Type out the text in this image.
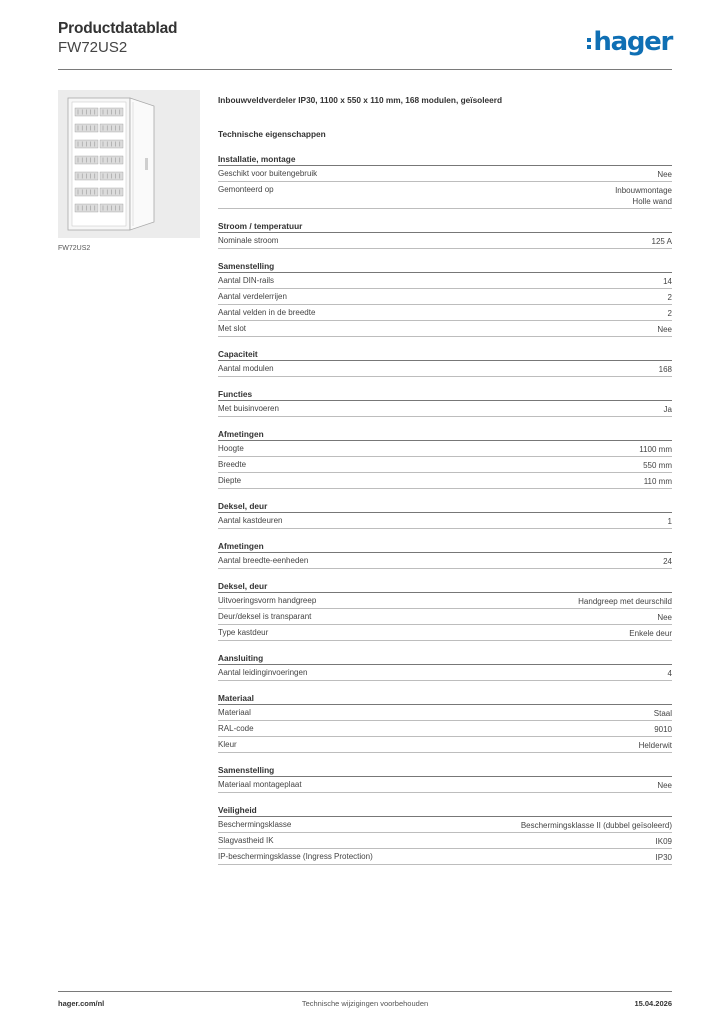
Productdatablad
FW72US2	hager
FW72US2
Inbouwveldverdeler IP30, 1100 x 550 x 110 mm, 168 modulen, geïsoleerd
Technische eigenschappen
Installatie, montage
Geschikt voor buitengebruik	Nee
Gemonteerd op	Inbouwmontage
Holle wand
Stroom / temperatuur
Nominale stroom	125 A
Samenstelling
Aantal DIN-rails	14
Aantal verdelerrijen	2
Aantal velden in de breedte	2
Met slot	Nee
Capaciteit
Aantal modulen	168
Functies
Met buisinvoeren	Ja
Afmetingen
Hoogte	1100 mm
Breedte	550 mm
Diepte	110 mm
Deksel, deur
Aantal kastdeuren	1
Afmetingen
Aantal breedte-eenheden	24
Deksel, deur
Uitvoeringsvorm handgreep	Handgreep met deurschild
Deur/deksel is transparant	Nee
Type kastdeur	Enkele deur
Aansluiting
Aantal leidinginvoeringen	4
Materiaal
Materiaal	Staal
RAL-code	9010
Kleur	Helderwit
Samenstelling
Materiaal montageplaat	Nee
Veiligheid
Beschermingsklasse	Beschermingsklasse II (dubbel geïsoleerd)
Slagvastheid IK	IK09
IP-beschermingsklasse (Ingress Protection)	IP30
hager.com/nl	Technische wijzigingen voorbehouden	15.04.2026
